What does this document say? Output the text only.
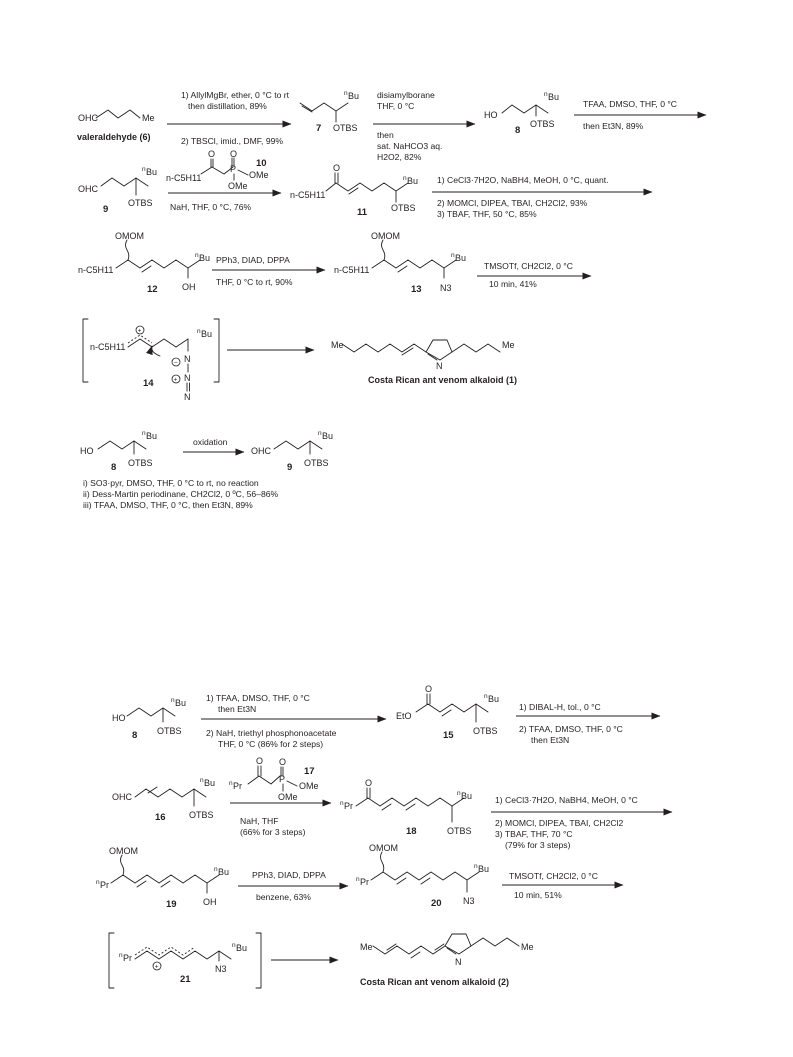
OHC	Me
valeraldehyde (6)
1) AllylMgBr, ether, 0 °C to rt
then distillation, 89%
2) TBSCl, imid., DMF, 99%
n Bu
OTBS
7
disiamylborane
THF, 0 °C
then
sat. NaHCO3 aq.
H2O2, 82%
HO
n Bu
OTBS
8
TFAA, DMSO, THF, 0 °C
then Et3N, 89%
OHC
n Bu
OTBS
9
O O
P
OMe
OMe
n-C5H11
10
NaH, THF, 0 °C, 76%
O
n-C5H11
n Bu
OTBS
11
1) CeCl3·7H2O, NaBH4, MeOH, 0 °C, quant.
2) MOMCl, DIPEA, TBAI, CH2Cl2, 93%
3) TBAF, THF, 50 °C, 85%
OMOM
n-C5H11
n Bu
OH
12
PPh3, DIAD, DPPA
THF, 0 °C to rt, 90%
OMOM
n-C5H11
n Bu
N3
13
TMSOTf, CH2Cl2, 0 °C
10 min, 41%
+
n-C5H11
n Bu
N
−
N
+
N
14
Me
N
Me
Costa Rican ant venom alkaloid (1)
HO
n Bu
OTBS
8
oxidation
OHC
n Bu
OTBS
9
i) SO3·pyr, DMSO, THF, 0 °C to rt, no reaction
ii) Dess-Martin periodinane, CH2Cl2, 0 ºC, 56–86%
iii) TFAA, DMSO, THF, 0 °C, then Et3N, 89%
HO
n Bu
OTBS
8
1) TFAA, DMSO, THF, 0 °C
then Et3N
2) NaH, triethyl phosphonoacetate
THF, 0 °C (86% for 2 steps)
O
EtO
n Bu
OTBS
15
1) DIBAL-H, tol., 0 °C
2) TFAA, DMSO, THF, 0 °C
then Et3N
OHC
n Bu
OTBS
16
O O
P
OMe
OMe
n Pr
17
NaH, THF
(66% for 3 steps)
O
n Pr
n Bu
OTBS
18
1) CeCl3·7H2O, NaBH4, MeOH, 0 °C
2) MOMCl, DIPEA, TBAI, CH2Cl2
3) TBAF, THF, 70 °C
(79% for 3 steps)
OMOM
n Pr
n Bu
OH
19
PPh3, DIAD, DPPA
benzene, 63%
OMOM
n Pr
n Bu
N3
20
TMSOTf, CH2Cl2, 0 °C
10 min, 51%
+
n Pr
n Bu
N3
21
Me
N
Me
Costa Rican ant venom alkaloid (2)
